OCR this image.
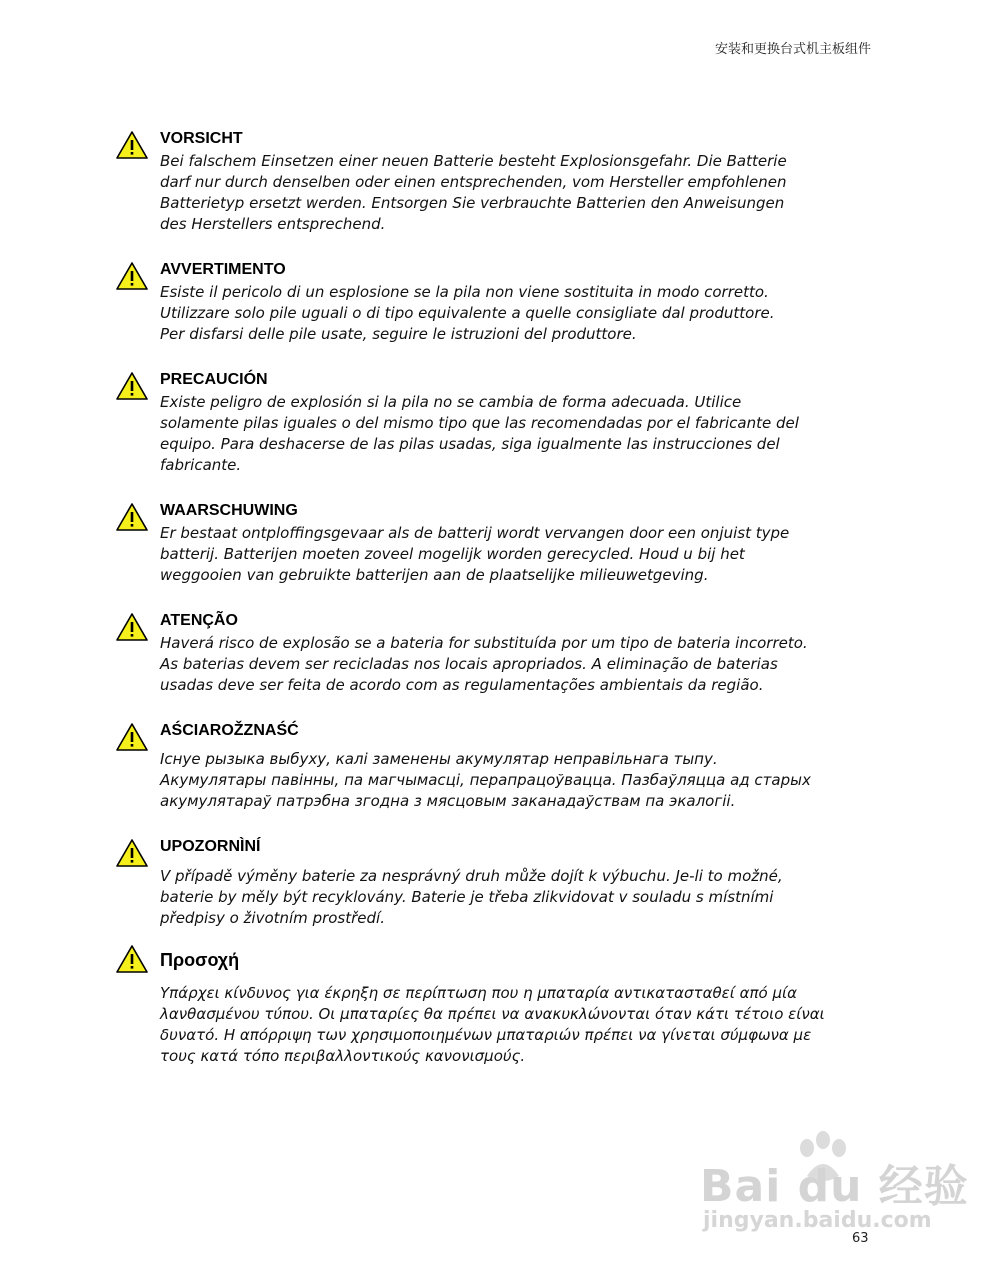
安装和更换台式机主板组件
VORSICHT

Bei falschem Einsetzen einer neuen Batterie besteht Explosionsgefahr. Die Batterie
darf nur durch denselben oder einen entsprechenden, vom Hersteller empfohlenen
Batterietyp ersetzt werden. Entsorgen Sie verbrauchte Batterien den Anweisungen
des Herstellers entsprechend.

AVVERTIMENTO

Esiste il pericolo di un esplosione se la pila non viene sostituita in modo corretto.
Utilizzare solo pile uguali o di tipo equivalente a quelle consigliate dal produttore.
Per disfarsi delle pile usate, seguire le istruzioni del produttore.

PRECAUCIÓN

Existe peligro de explosión si la pila no se cambia de forma adecuada. Utilice
solamente pilas iguales o del mismo tipo que las recomendadas por el fabricante del
equipo. Para deshacerse de las pilas usadas, siga igualmente las instrucciones del
fabricante.

WAARSCHUWING

Er bestaat ontploffingsgevaar als de batterij wordt vervangen door een onjuist type
batterij. Batterijen moeten zoveel mogelijk worden gerecycled. Houd u bij het
weggooien van gebruikte batterijen aan de plaatselijke milieuwetgeving.

ATENÇÃO

Haverá risco de explosão se a bateria for substituída por um tipo de bateria incorreto.
As baterias devem ser recicladas nos locais apropriados. A eliminação de baterias
usadas deve ser feita de acordo com as regulamentações ambientais da região.

AŚCIAROŽZNAŚĆ

Існуе рызыка выбуху, калі заменены акумулятар неправільнага тыпу.
Акумулятары павінны, па магчымасці, перапрацоўвацца. Пазбаўляцца ад старых
акумулятараў патрэбна згодна з мясцовым заканадаўствам па экалогіі.

UPOZORNÌNÍ

V případě výměny baterie za nesprávný druh může dojít k výbuchu. Je-li to možné,
baterie by měly být recyklovány. Baterie je třeba zlikvidovat v souladu s místními
předpisy o životním prostředí.

Προσοχή

Υπάρχει κίνδυνος για έκρηξη σε περίπτωση που η μπαταρία αντικατασταθεί από μία
λανθασμένου τύπου. Οι μπαταρίες θα πρέπει να ανακυκλώνονται όταν κάτι τέτοιο είναι
δυνατό. Η απόρριψη των χρησιμοποιημένων μπαταριών πρέπει να γίνεται σύμφωνα με
τους κατά τόπο περιβαλλοντικούς κανονισμούς.

Bai du 经验
jingyan.baidu.com
63
